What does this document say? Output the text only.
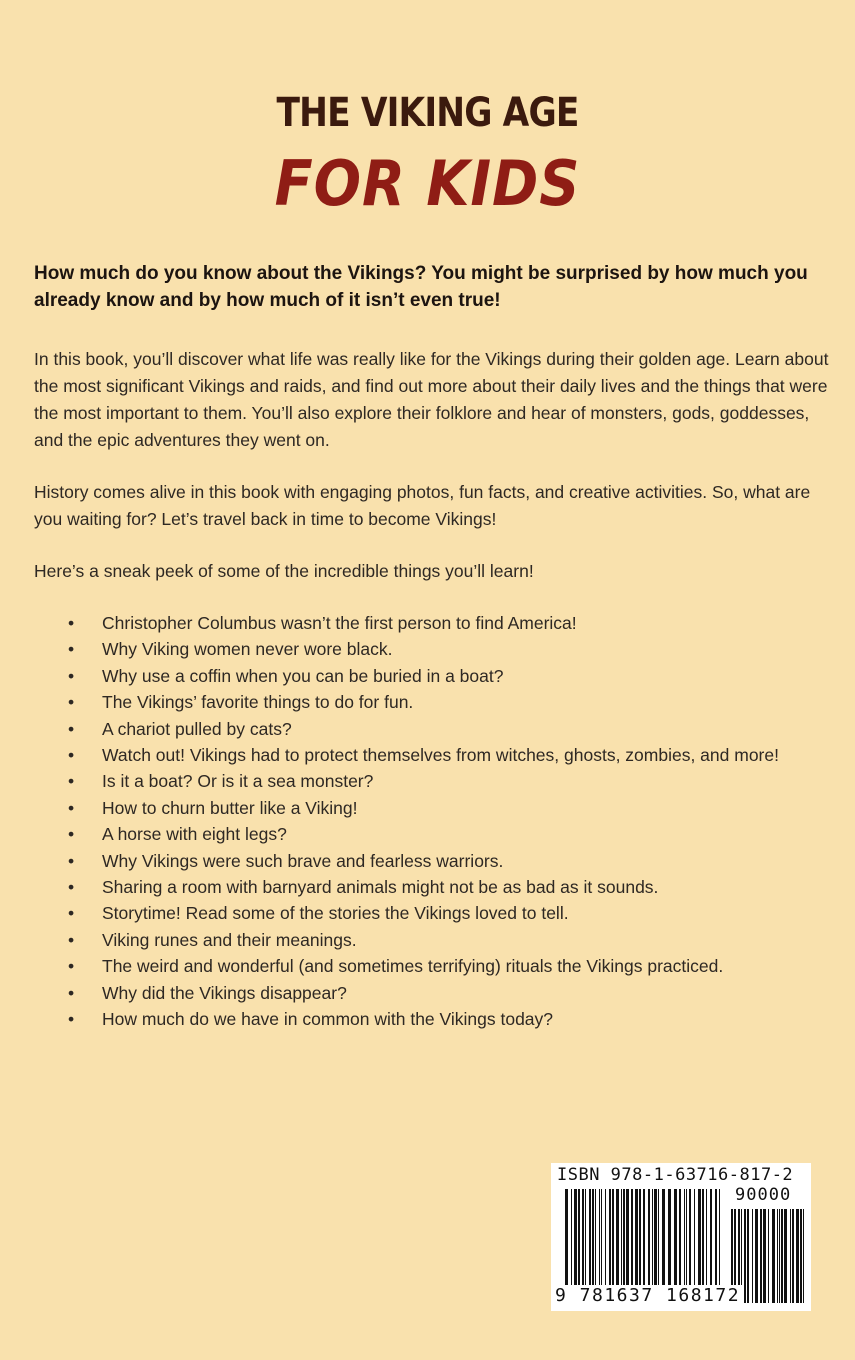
THE VIKING AGE
FOR KIDS

How much do you know about the Vikings? You might be surprised by how much you already know and by how much of it isn’t even true!

In this book, you’ll discover what life was really like for the Vikings during their golden age. Learn about the most significant Vikings and raids, and find out more about their daily lives and the things that were the most important to them. You’ll also explore their folklore and hear of monsters, gods, goddesses, and the epic adventures they went on.

History comes alive in this book with engaging photos, fun facts, and creative activities. So, what are you waiting for? Let’s travel back in time to become Vikings!

Here’s a sneak peek of some of the incredible things you’ll learn!

• Christopher Columbus wasn’t the first person to find America!
• Why Viking women never wore black.
• Why use a coffin when you can be buried in a boat?
• The Vikings’ favorite things to do for fun.
• A chariot pulled by cats?
• Watch out! Vikings had to protect themselves from witches, ghosts, zombies, and more!
• Is it a boat? Or is it a sea monster?
• How to churn butter like a Viking!
• A horse with eight legs?
• Why Vikings were such brave and fearless warriors.
• Sharing a room with barnyard animals might not be as bad as it sounds.
• Storytime! Read some of the stories the Vikings loved to tell.
• Viking runes and their meanings.
• The weird and wonderful (and sometimes terrifying) rituals the Vikings practiced.
• Why did the Vikings disappear?
• How much do we have in common with the Vikings today?
ISBN 978-1-63716-817-2
90000
9 781637 168172
